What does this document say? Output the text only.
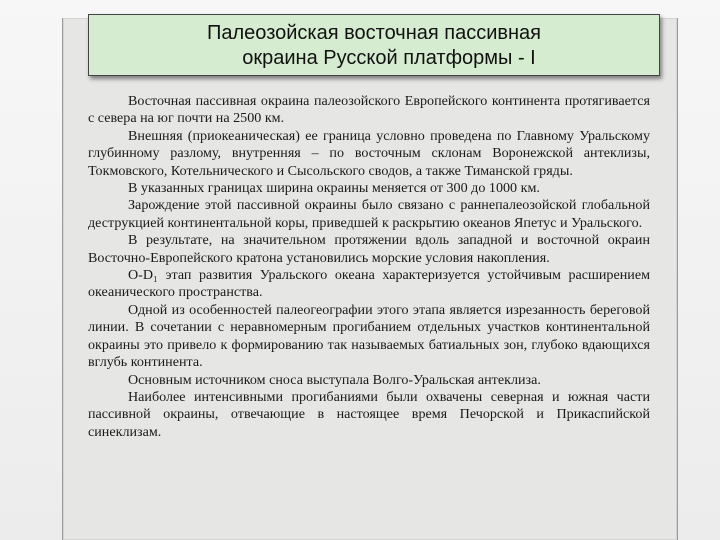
Палеозойская восточная пассивная
окраина Русской платформы - I

Восточная пассивная окраина палеозойского Европейского континента протягивается с севера на юг почти на 2500 км.

Внешняя (приокеаническая) ее граница условно проведена по Главному Уральскому глубинному разлому, внутренняя – по восточным склонам Воронежской антеклизы, Токмовского, Котельнического и Сысольского сводов, а также Тиманской гряды.

В указанных границах ширина окраины меняется от 300 до 1000 км.

Зарождение этой пассивной окраины было связано с раннепалеозойской глобальной деструкцией континентальной коры, приведшей к раскрытию океанов Япетус и Уральского.

В результате, на значительном протяжении вдоль западной и восточной окраин Восточно-Европейского кратона установились морские условия накопления.

O-D₁ этап развития Уральского океана характеризуется устойчивым расширением океанического пространства.

Одной из особенностей палеогеографии этого этапа является изрезанность береговой линии. В сочетании с неравномерным прогибанием отдельных участков континентальной окраины это привело к формированию так называемых батиальных зон, глубоко вдающихся вглубь континента.

Основным источником сноса выступала Волго-Уральская антеклиза.

Наиболее интенсивными прогибаниями были охвачены северная и южная части пассивной окраины, отвечающие в настоящее время Печорской и Прикаспийской синеклизам.
